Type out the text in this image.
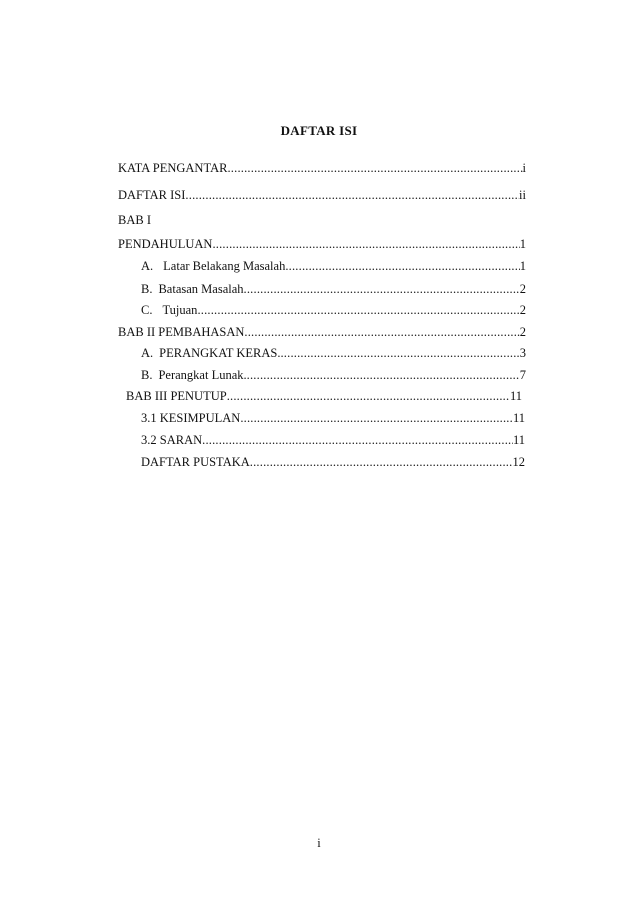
DAFTAR ISI
KATA PENGANTAR .....	i
DAFTAR ISI .....	ii
BAB I
PENDAHULUAN .....	1
A. Latar Belakang Masalah .....	1
B. Batasan Masalah .....	2
C. Tujuan .....	2
BAB II PEMBAHASAN .....	2
A. PERANGKAT KERAS. .....	3
B. Perangkat Lunak. .....	7
BAB III PENUTUP .....	11
3.1 KESIMPULAN .....	11
3.2 SARAN .....	11
DAFTAR PUSTAKA .....	12
i
